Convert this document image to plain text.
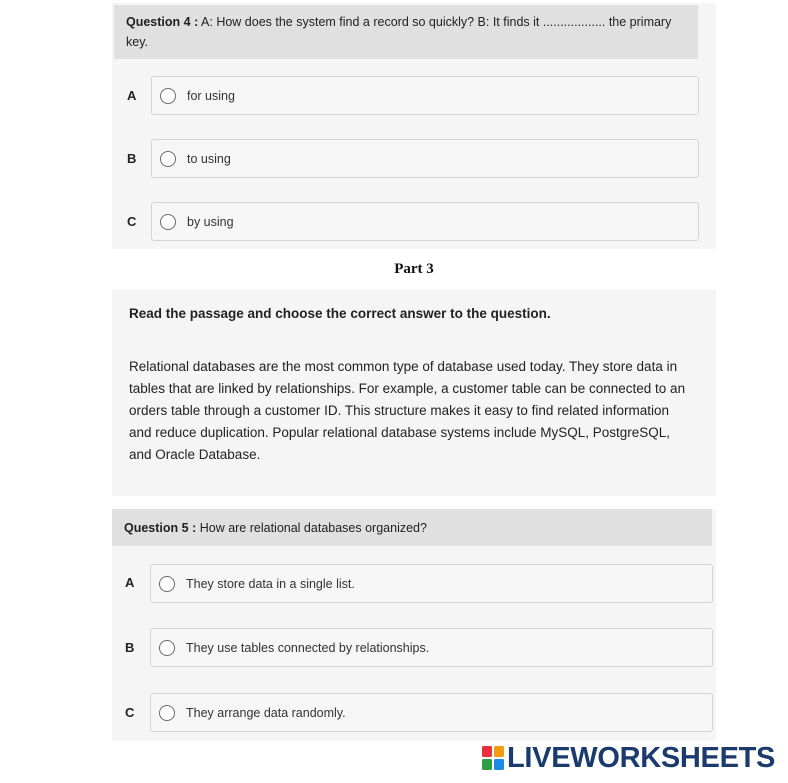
Question 4 : A: How does the system find a record so quickly? B: It finds it .................. the primary
key.
A	for using
B	to using
C	by using
Part 3
Read the passage and choose the correct answer to the question.
Relational databases are the most common type of database used today. They store data in
tables that are linked by relationships. For example, a customer table can be connected to an
orders table through a customer ID. This structure makes it easy to find related information
and reduce duplication. Popular relational database systems include MySQL, PostgreSQL,
and Oracle Database.
Question 5 : How are relational databases organized?
A	They store data in a single list.
B	They use tables connected by relationships.
C	They arrange data randomly.
LIVEWORKSHEETS
